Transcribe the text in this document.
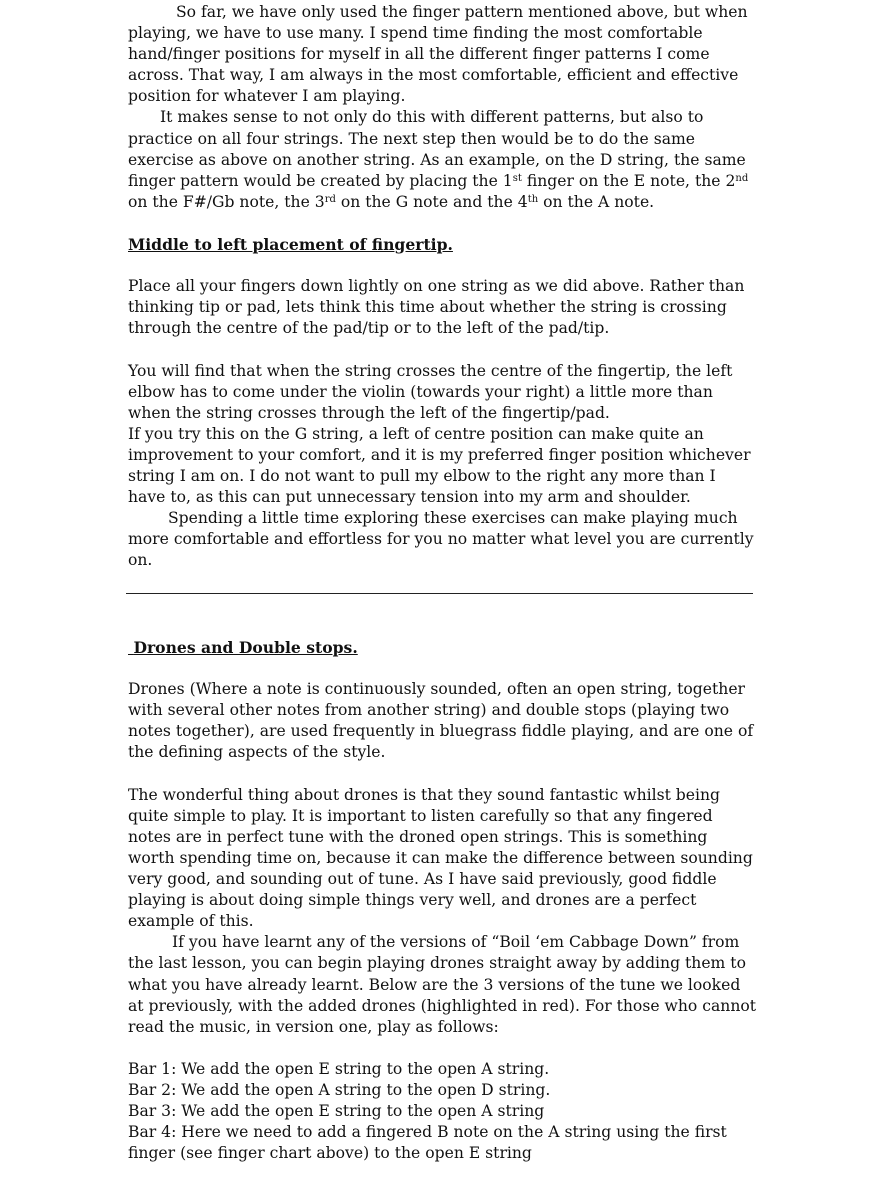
So far, we have only used the finger pattern mentioned above, but when playing, we have to use many. I spend time finding the most comfortable hand/finger positions for myself in all the different finger patterns I come across. That way, I am always in the most comfortable, efficient and effective position for whatever I am playing.

It makes sense to not only do this with different patterns, but also to practice on all four strings. The next step then would be to do the same exercise as above on another string. As an example, on the D string, the same finger pattern would be created by placing the 1st finger on the E note, the 2nd on the F#/Gb note, the 3rd on the G note and the 4th on the A note.

Middle to left placement of fingertip.

Place all your fingers down lightly on one string as we did above. Rather than thinking tip or pad, lets think this time about whether the string is crossing through the centre of the pad/tip or to the left of the pad/tip.

You will find that when the string crosses the centre of the fingertip, the left elbow has to come under the violin (towards your right) a little more than when the string crosses through the left of the fingertip/pad.

If you try this on the G string, a left of centre position can make quite an improvement to your comfort, and it is my preferred finger position whichever string I am on. I do not want to pull my elbow to the right any more than I have to, as this can put unnecessary tension into my arm and shoulder.

Spending a little time exploring these exercises can make playing much more comfortable and effortless for you no matter what level you are currently on.

Drones and Double stops.

Drones (Where a note is continuously sounded, often an open string, together with several other notes from another string) and double stops (playing two notes together), are used frequently in bluegrass fiddle playing, and are one of the defining aspects of the style.

The wonderful thing about drones is that they sound fantastic whilst being quite simple to play. It is important to listen carefully so that any fingered notes are in perfect tune with the droned open strings. This is something worth spending time on, because it can make the difference between sounding very good, and sounding out of tune. As I have said previously, good fiddle playing is about doing simple things very well, and drones are a perfect example of this.

If you have learnt any of the versions of “Boil ‘em Cabbage Down” from the last lesson, you can begin playing drones straight away by adding them to what you have already learnt. Below are the 3 versions of the tune we looked at previously, with the added drones (highlighted in red). For those who cannot read the music, in version one, play as follows:

Bar 1: We add the open E string to the open A string.

Bar 2: We add the open A string to the open D string.

Bar 3: We add the open E string to the open A string

Bar 4: Here we need to add a fingered B note on the A string using the first finger (see finger chart above) to the open E string
